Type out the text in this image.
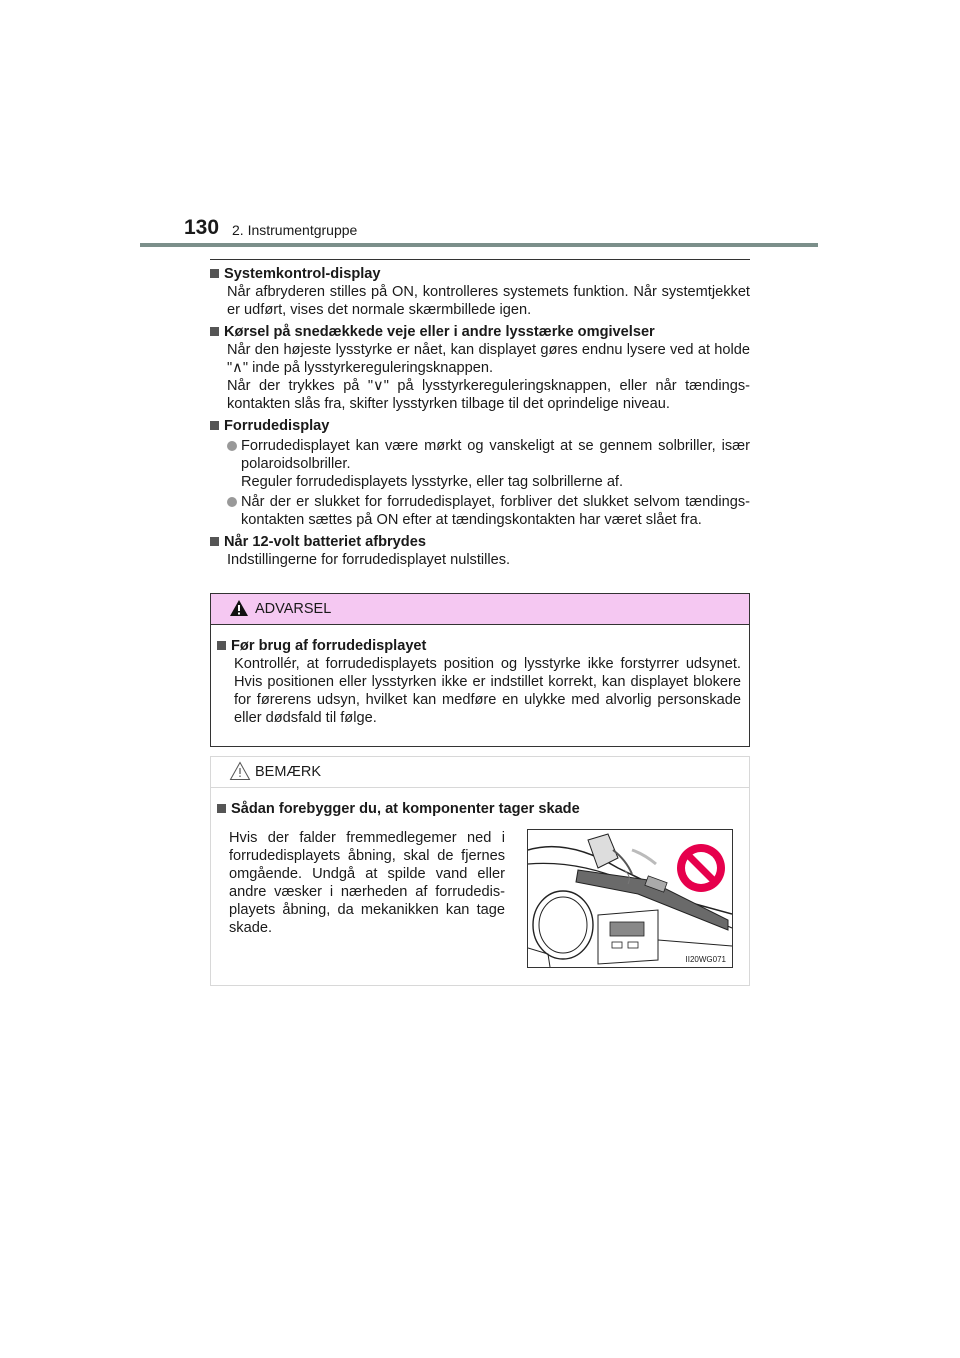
130 2. Instrumentgruppe
Systemkontrol-display
Når afbryderen stilles på ON, kontrolleres systemets funktion. Når systemtjekket er udført, vises det normale skærmbillede igen.
Kørsel på snedækkede veje eller i andre lysstærke omgivelser
Når den højeste lysstyrke er nået, kan displayet gøres endnu lysere ved at holde "∧" inde på lysstyrkereguleringsknappen.
Når der trykkes på "∨" på lysstyrkereguleringsknappen, eller når tændings-kontakten slås fra, skifter lysstyrken tilbage til det oprindelige niveau.
Forrudedisplay
Forrudedisplayet kan være mørkt og vanskeligt at se gennem solbriller, især polaroidsolbriller.
Reguler forrudedisplayets lysstyrke, eller tag solbrillerne af.
Når der er slukket for forrudedisplayet, forbliver det slukket selvom tændings-kontakten sættes på ON efter at tændingskontakten har været slået fra.
Når 12-volt batteriet afbrydes
Indstillingerne for forrudedisplayet nulstilles.
ADVARSEL
Før brug af forrudedisplayet
Kontrollér, at forrudedisplayets position og lysstyrke ikke forstyrrer udsynet. Hvis positionen eller lysstyrken ikke er indstillet korrekt, kan displayet blokere for førerens udsyn, hvilket kan medføre en ulykke med alvorlig personskade eller dødsfald til følge.
BEMÆRK
Sådan forebygger du, at komponenter tager skade
Hvis der falder fremmedlegemer ned i forrudedisplayets åbning, skal de fjernes omgående. Undgå at spilde vand eller andre væsker i nærheden af forrudedis-playets åbning, da mekanikken kan tage skade.
II20WG071
